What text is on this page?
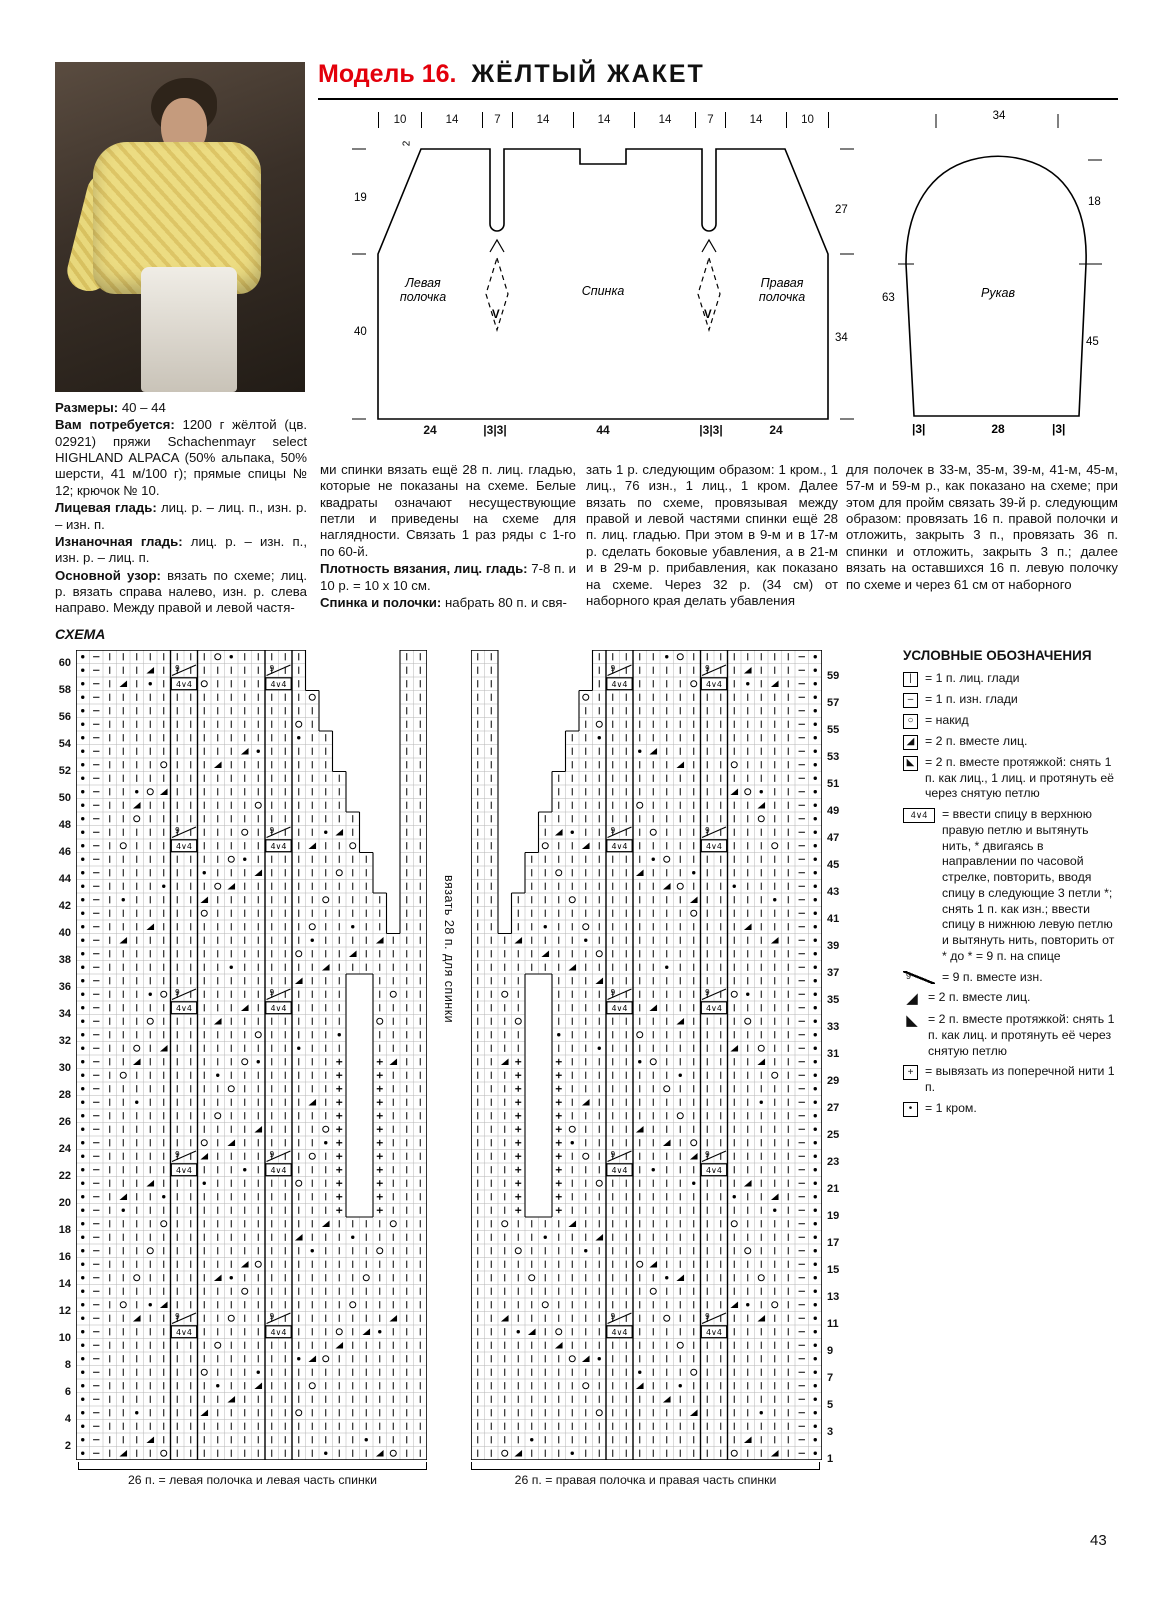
Модель 16. ЖЁЛТЫЙ ЖАКЕТ
10	14	7	14	14	14	7	14	10
24	|3|3|	44	|3|3|	24
2
19
40
27
34
Левая полочка	Спинка
Правая полочка
V	V
34
18
63
45
Рукав
|3|	28	|3|

Размеры: 40 – 44

Вам потребуется: 1200 г жёлтой (цв. 02921) пряжи Schachenmayr select HIGHLAND ALPACA (50% альпака, 50% шерсти, 41 м/100 г); прямые спицы № 12; крючок № 10.

Лицевая гладь: лиц. р. – лиц. п., изн. р. – изн. п.

Изнаночная гладь: лиц. р. – изн. п., изн. р. – лиц. п.

Основной узор: вязать по схеме; лиц. р. вязать справа налево, изн. р. слева направо. Между правой и левой частя-

ми спинки вязать ещё 28 п. лиц. гладью, которые не показаны на схеме. Белые квадраты означают несуществующие петли и приведены на схеме для наглядности. Связать 1 раз ряды с 1-го по 60-й.

Плотность вязания, лиц. гладь: 7-8 п. и 10 р. = 10 х 10 см.

Спинка и полочки: набрать 80 п. и свя-

зать 1 р. следующим образом: 1 кром., 1 лиц., 76 изн., 1 лиц., 1 кром. Далее вязать по схеме, провязывая между правой и левой частями спинки ещё 28 п. лиц. гладью. При этом в 9-м и в 17-м р. сделать боковые убавления, а в 21-м и в 29-м р. прибавления, как показано на схеме. Через 32 р. (34 см) от наборного края делать убавления

для полочек в 33-м, 35-м, 39-м, 41-м, 45-м, 57-м и 59-м р., как показано на схеме; при этом для пройм связать 39-й р. следующим образом: провязать 16 п. правой полочки и отложить, закрыть 3 п., провязать 36 п. спинки и отложить, закрыть 3 п.; далее вязать на оставшихся 16 п. левую полочку по схеме и через 61 см от наборного

СХЕМА
60
58
56
54
52
50
48
46
44
42
40
38
36
34
32
30
28
26
24
22
20
18
16
14
12
10
8
6
4
2
4∨4
9
4∨4
9
4∨4
9
4∨4
9
4∨4
9
4∨4
9
4∨4
9
4∨4
9
4∨4
9
4∨4
9
вязать 28 п. для спинки
4∨4
9
4∨4
9
4∨4
9
4∨4
9
4∨4
9
4∨4
9
4∨4
9
4∨4
9
4∨4
9
4∨4
9
59
57
55
53
51
49
47
45
43
41
39
37
35
33
31
29
27
25
23
21
19
17
15
13
11
9
7
5
3
1
26 п. = левая полочка и левая часть спинки	26 п. = правая полочка и правая часть спинки
УСЛОВНЫЕ ОБОЗНАЧЕНИЯ
|	= 1 п. лиц. глади
– = 1 п. изн. глади
○ = накид
◢ = 2 п. вместе лиц.
◣ = 2 п. вместе протяжкой: снять 1 п. как лиц., 1 лиц. и протянуть её через снятую петлю
4∨4	= ввести спицу в верхнюю правую петлю и вытянуть нить, * двигаясь в направлении по часовой стрелке, повторить, вводя спицу в следующие 3 петли *; снять 1 п. как изн.; ввести спицу в нижнюю левую петлю и вытянуть нить, повторить от * до * = 9 п. на спице
9	= 9 п. вместе изн.
◢ = 2 п. вместе лиц.
◣ = 2 п. вместе протяжкой: снять 1 п. как лиц. и протянуть её через снятую петлю
+ = вывязать из поперечной нити 1 п.
•	= 1 кром.
43
